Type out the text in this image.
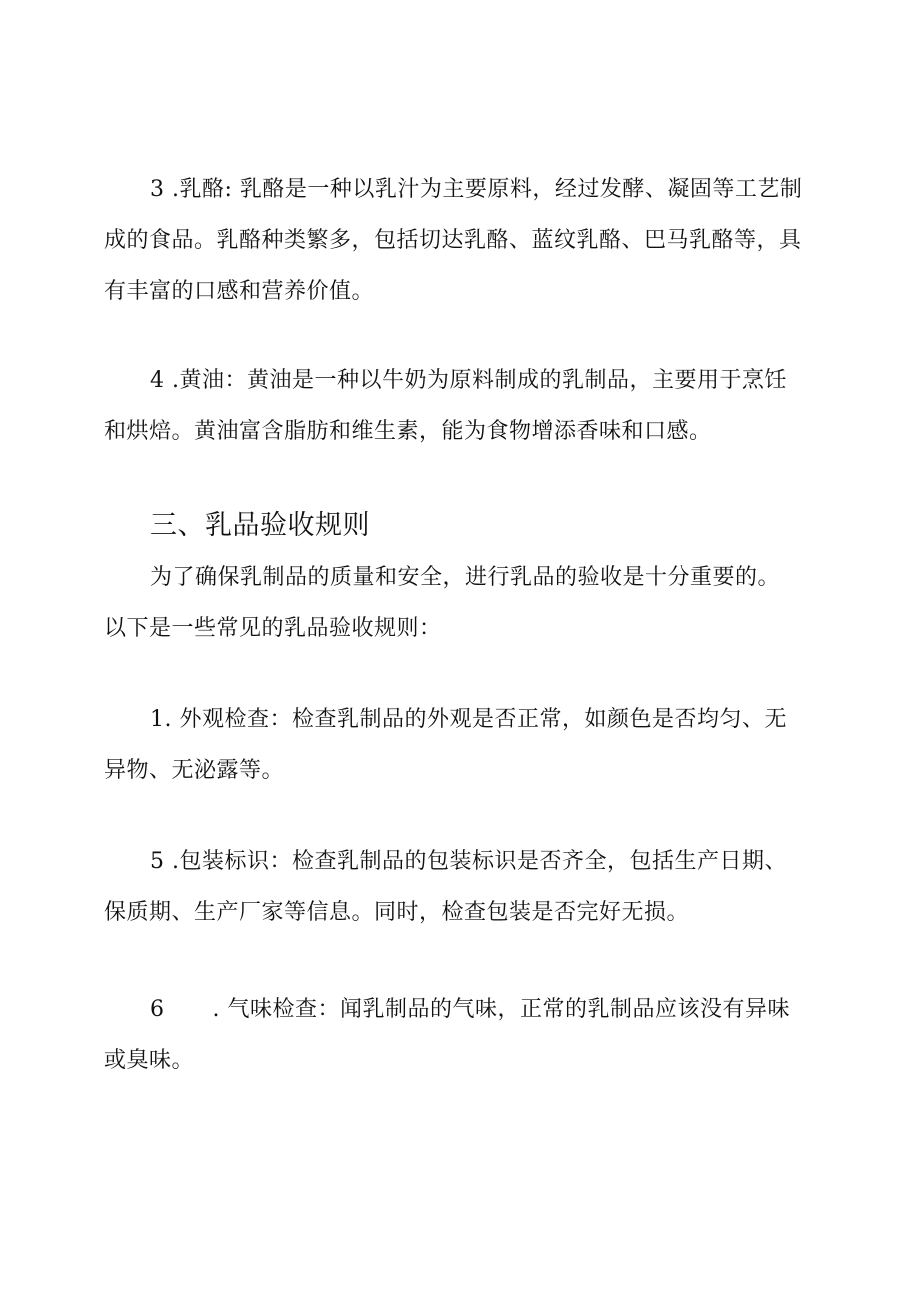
3 .乳酪: 乳酪是一种以乳汁为主要原料，经过发酵、凝固等工艺制
成的食品。乳酪种类繁多，包括切达乳酪、蓝纹乳酪、巴马乳酪等，具
有丰富的口感和营养价值。

4 .黄油：黄油是一种以牛奶为原料制成的乳制品，主要用于烹饪
和烘焙。黄油富含脂肪和维生素，能为食物增添香味和口感。

三、乳品验收规则

为了确保乳制品的质量和安全，进行乳品的验收是十分重要的。
以下是一些常见的乳品验收规则：

1. 外观检查：检查乳制品的外观是否正常，如颜色是否均匀、无
异物、无泌露等。

5 .包装标识：检查乳制品的包装标识是否齐全，包括生产日期、
保质期、生产厂家等信息。同时，检查包装是否完好无损。

6 . 气味检查：闻乳制品的气味，正常的乳制品应该没有异味
或臭味。
